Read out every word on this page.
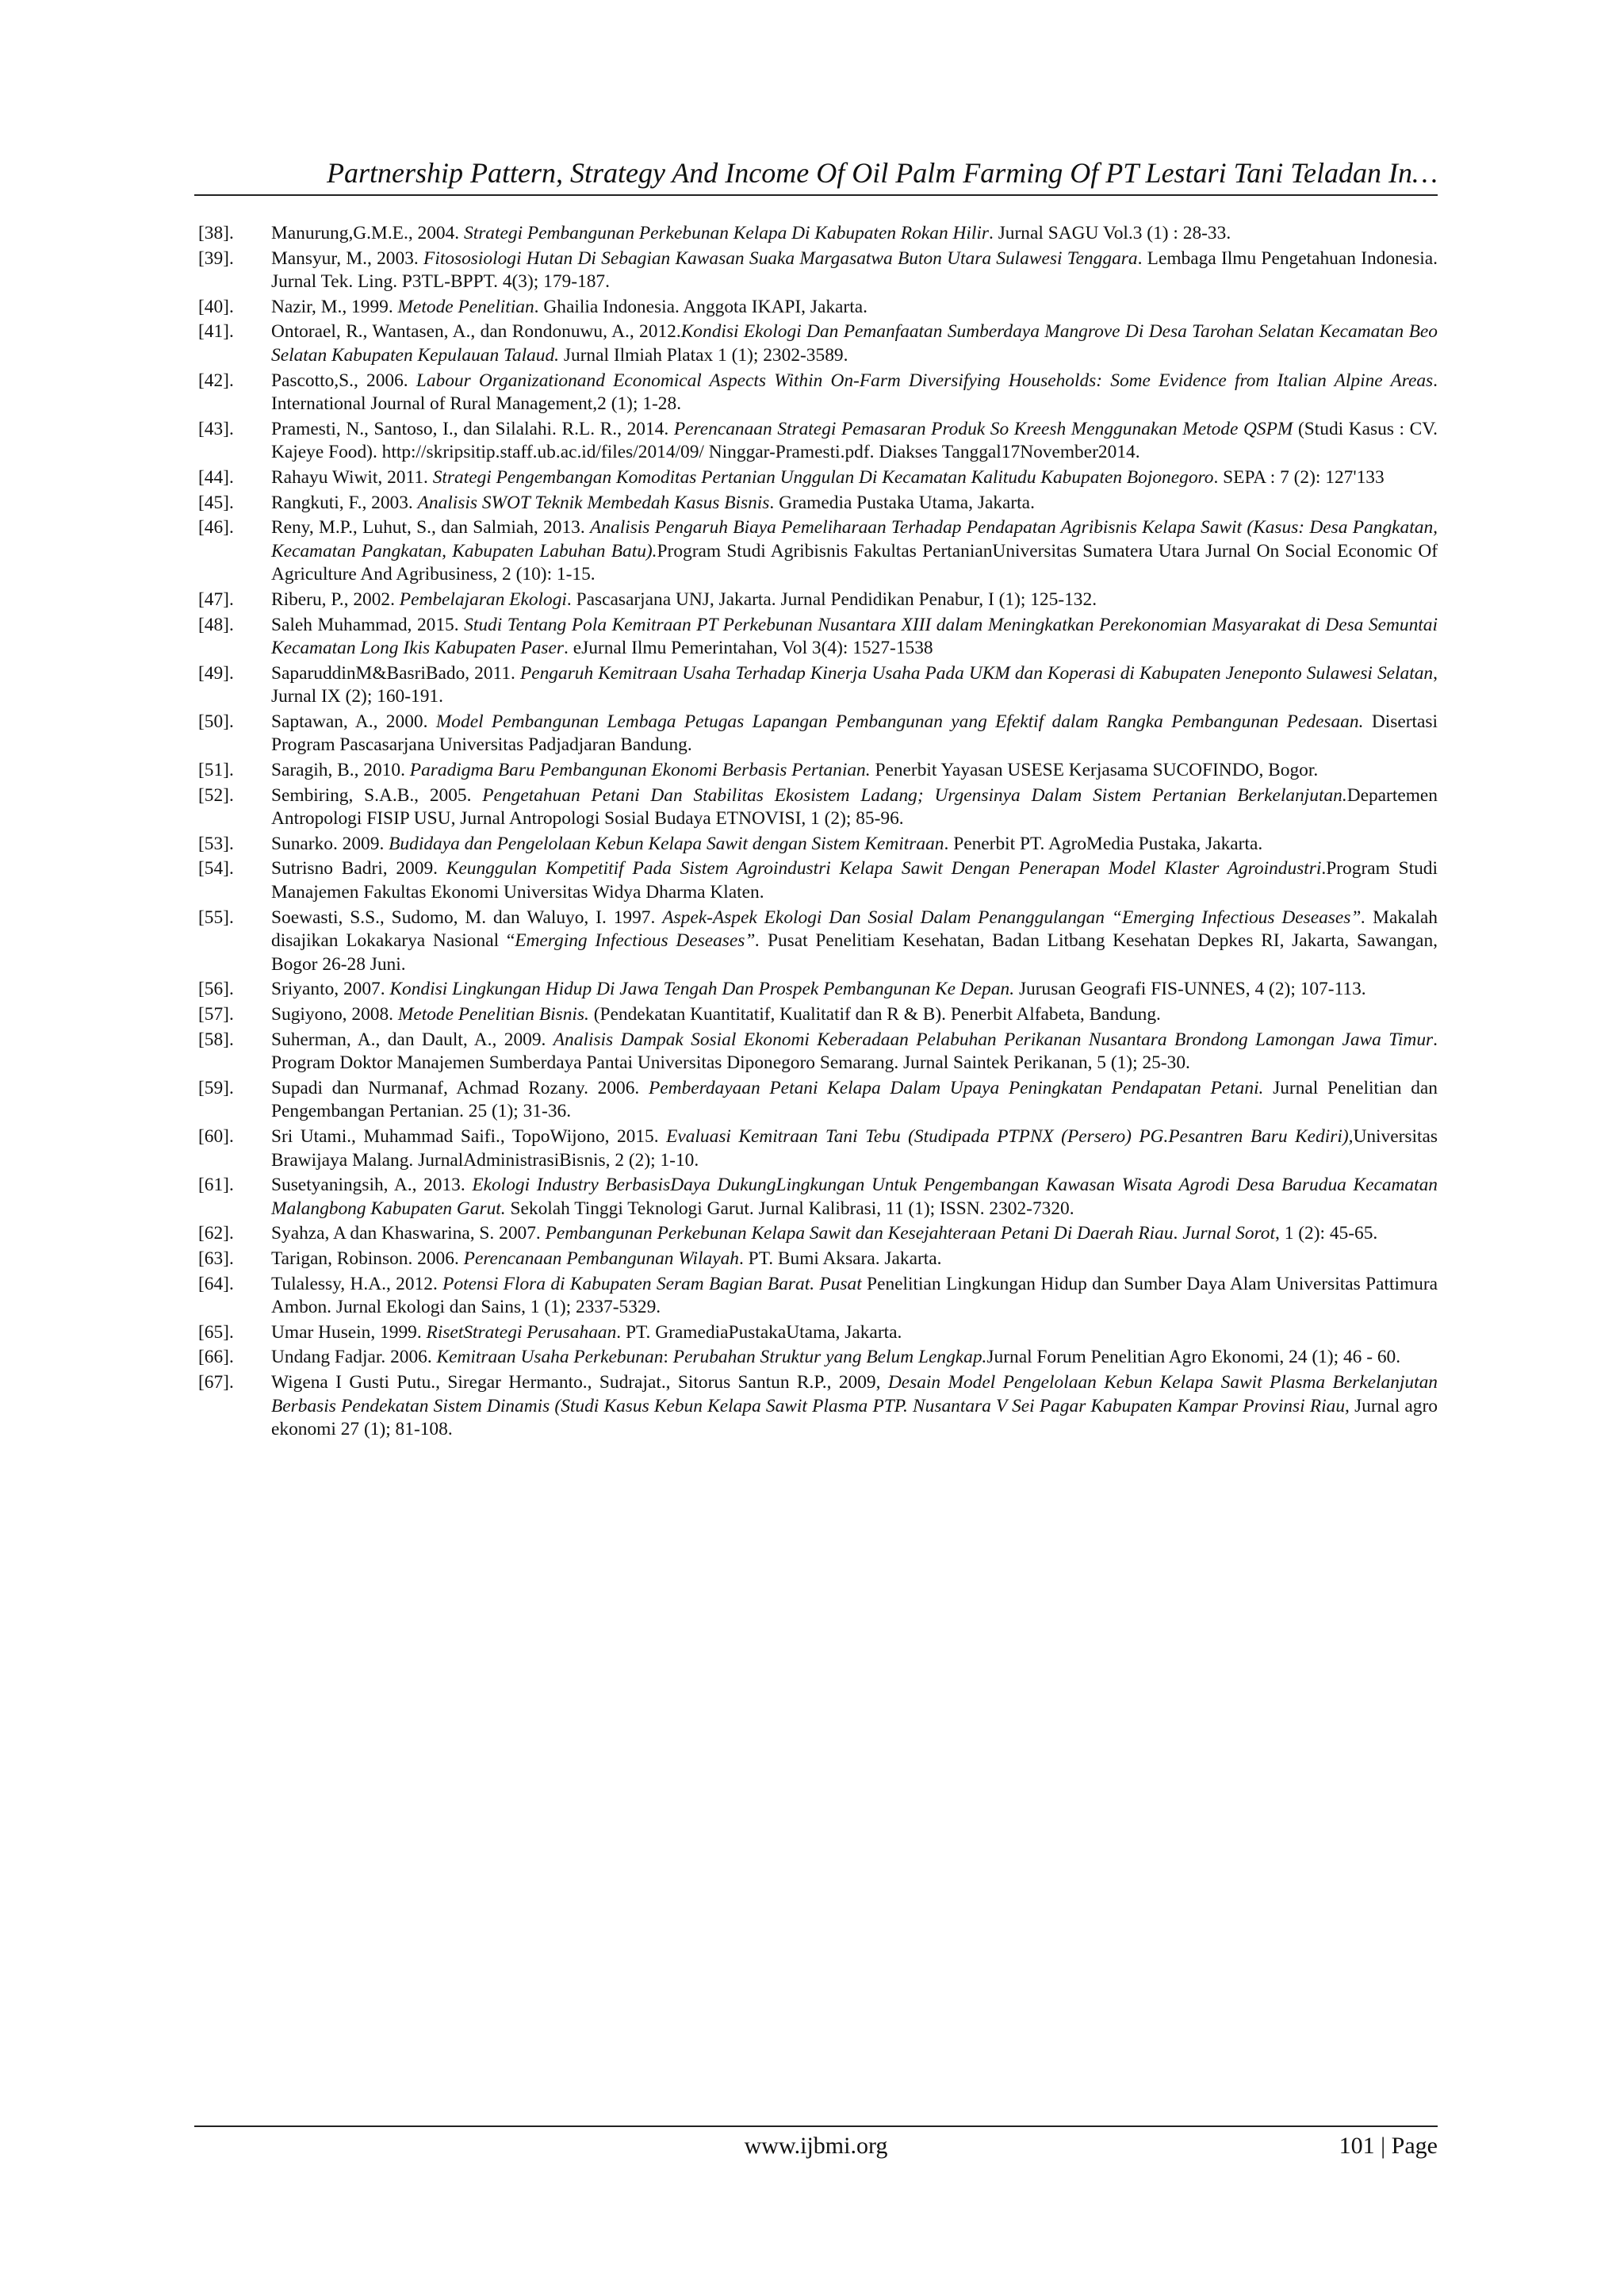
Partnership Pattern, Strategy And Income Of Oil Palm Farming Of PT Lestari Tani Teladan In…
[38]. Manurung,G.M.E., 2004. Strategi Pembangunan Perkebunan Kelapa Di Kabupaten Rokan Hilir. Jurnal SAGU Vol.3 (1) : 28-33.
[39]. Mansyur, M., 2003. Fitososiologi Hutan Di Sebagian Kawasan Suaka Margasatwa Buton Utara Sulawesi Tenggara. Lembaga Ilmu Pengetahuan Indonesia. Jurnal Tek. Ling. P3TL-BPPT. 4(3); 179-187.
[40]. Nazir, M., 1999. Metode Penelitian. Ghailia Indonesia. Anggota IKAPI, Jakarta.
[41]. Ontorael, R., Wantasen, A., dan Rondonuwu, A., 2012.Kondisi Ekologi Dan Pemanfaatan Sumberdaya Mangrove Di Desa Tarohan Selatan Kecamatan Beo Selatan Kabupaten Kepulauan Talaud. Jurnal Ilmiah Platax 1 (1); 2302-3589.
[42]. Pascotto,S., 2006. Labour Organizationand Economical Aspects Within On-Farm Diversifying Households: Some Evidence from Italian Alpine Areas. International Journal of Rural Management,2 (1); 1-28.
[43]. Pramesti, N., Santoso, I., dan Silalahi. R.L. R., 2014. Perencanaan Strategi Pemasaran Produk So Kreesh Menggunakan Metode QSPM (Studi Kasus : CV. Kajeye Food). http://skripsitip.staff.ub.ac.id/files/2014/09/ Ninggar-Pramesti.pdf. Diakses Tanggal17November2014.
[44]. Rahayu Wiwit, 2011. Strategi Pengembangan Komoditas Pertanian Unggulan Di Kecamatan Kalitudu Kabupaten Bojonegoro. SEPA : 7 (2): 127'133
[45]. Rangkuti, F., 2003. Analisis SWOT Teknik Membedah Kasus Bisnis. Gramedia Pustaka Utama, Jakarta.
[46]. Reny, M.P., Luhut, S., dan Salmiah, 2013. Analisis Pengaruh Biaya Pemeliharaan Terhadap Pendapatan Agribisnis Kelapa Sawit (Kasus: Desa Pangkatan, Kecamatan Pangkatan, Kabupaten Labuhan Batu).Program Studi Agribisnis Fakultas PertanianUniversitas Sumatera Utara Jurnal On Social Economic Of Agriculture And Agribusiness, 2 (10): 1-15.
[47]. Riberu, P., 2002. Pembelajaran Ekologi. Pascasarjana UNJ, Jakarta. Jurnal Pendidikan Penabur, I (1); 125-132.
[48]. Saleh Muhammad, 2015. Studi Tentang Pola Kemitraan PT Perkebunan Nusantara XIII dalam Meningkatkan Perekonomian Masyarakat di Desa Semuntai Kecamatan Long Ikis Kabupaten Paser. eJurnal Ilmu Pemerintahan, Vol 3(4): 1527-1538
[49]. SaparuddinM&BasriBado, 2011. Pengaruh Kemitraan Usaha Terhadap Kinerja Usaha Pada UKM dan Koperasi di Kabupaten Jeneponto Sulawesi Selatan, Jurnal IX (2); 160-191.
[50]. Saptawan, A., 2000. Model Pembangunan Lembaga Petugas Lapangan Pembangunan yang Efektif dalam Rangka Pembangunan Pedesaan. Disertasi Program Pascasarjana Universitas Padjadjaran Bandung.
[51]. Saragih, B., 2010. Paradigma Baru Pembangunan Ekonomi Berbasis Pertanian. Penerbit Yayasan USESE Kerjasama SUCOFINDO, Bogor.
[52]. Sembiring, S.A.B., 2005. Pengetahuan Petani Dan Stabilitas Ekosistem Ladang; Urgensinya Dalam Sistem Pertanian Berkelanjutan.Departemen Antropologi FISIP USU, Jurnal Antropologi Sosial Budaya ETNOVISI, 1 (2); 85-96.
[53]. Sunarko. 2009. Budidaya dan Pengelolaan Kebun Kelapa Sawit dengan Sistem Kemitraan. Penerbit PT. AgroMedia Pustaka, Jakarta.
[54]. Sutrisno Badri, 2009. Keunggulan Kompetitif Pada Sistem Agroindustri Kelapa Sawit Dengan Penerapan Model Klaster Agroindustri.Program Studi Manajemen Fakultas Ekonomi Universitas Widya Dharma Klaten.
[55]. Soewasti, S.S., Sudomo, M. dan Waluyo, I. 1997. Aspek-Aspek Ekologi Dan Sosial Dalam Penanggulangan “Emerging Infectious Deseases”. Makalah disajikan Lokakarya Nasional “Emerging Infectious Deseases”. Pusat Penelitiam Kesehatan, Badan Litbang Kesehatan Depkes RI, Jakarta, Sawangan, Bogor 26-28 Juni.
[56]. Sriyanto, 2007. Kondisi Lingkungan Hidup Di Jawa Tengah Dan Prospek Pembangunan Ke Depan. Jurusan Geografi FIS-UNNES, 4 (2); 107-113.
[57]. Sugiyono, 2008. Metode Penelitian Bisnis. (Pendekatan Kuantitatif, Kualitatif dan R & B). Penerbit Alfabeta, Bandung.
[58]. Suherman, A., dan Dault, A., 2009. Analisis Dampak Sosial Ekonomi Keberadaan Pelabuhan Perikanan Nusantara Brondong Lamongan Jawa Timur. Program Doktor Manajemen Sumberdaya Pantai Universitas Diponegoro Semarang. Jurnal Saintek Perikanan, 5 (1); 25-30.
[59]. Supadi dan Nurmanaf, Achmad Rozany. 2006. Pemberdayaan Petani Kelapa Dalam Upaya Peningkatan Pendapatan Petani. Jurnal Penelitian dan Pengembangan Pertanian. 25 (1); 31-36.
[60]. Sri Utami., Muhammad Saifi., TopoWijono, 2015. Evaluasi Kemitraan Tani Tebu (Studipada PTPNX (Persero) PG.Pesantren Baru Kediri),Universitas Brawijaya Malang. JurnalAdministrasiBisnis, 2 (2); 1-10.
[61]. Susetyaningsih, A., 2013. Ekologi Industry BerbasisDaya DukungLingkungan Untuk Pengembangan Kawasan Wisata Agrodi Desa Barudua Kecamatan Malangbong Kabupaten Garut. Sekolah Tinggi Teknologi Garut. Jurnal Kalibrasi, 11 (1); ISSN. 2302-7320.
[62]. Syahza, A dan Khaswarina, S. 2007. Pembangunan Perkebunan Kelapa Sawit dan Kesejahteraan Petani Di Daerah Riau. Jurnal Sorot, 1 (2): 45-65.
[63]. Tarigan, Robinson. 2006. Perencanaan Pembangunan Wilayah. PT. Bumi Aksara. Jakarta.
[64]. Tulalessy, H.A., 2012. Potensi Flora di Kabupaten Seram Bagian Barat. Pusat Penelitian Lingkungan Hidup dan Sumber Daya Alam Universitas Pattimura Ambon. Jurnal Ekologi dan Sains, 1 (1); 2337-5329.
[65]. Umar Husein, 1999. RisetStrategi Perusahaan. PT. GramediaPustakaUtama, Jakarta.
[66]. Undang Fadjar. 2006. Kemitraan Usaha Perkebunan: Perubahan Struktur yang Belum Lengkap.Jurnal Forum Penelitian Agro Ekonomi, 24 (1); 46 - 60.
[67]. Wigena I Gusti Putu., Siregar Hermanto., Sudrajat., Sitorus Santun R.P., 2009, Desain Model Pengelolaan Kebun Kelapa Sawit Plasma Berkelanjutan Berbasis Pendekatan Sistem Dinamis (Studi Kasus Kebun Kelapa Sawit Plasma PTP. Nusantara V Sei Pagar Kabupaten Kampar Provinsi Riau, Jurnal agro ekonomi 27 (1); 81-108.
www.ijbmi.org	101 | Page
